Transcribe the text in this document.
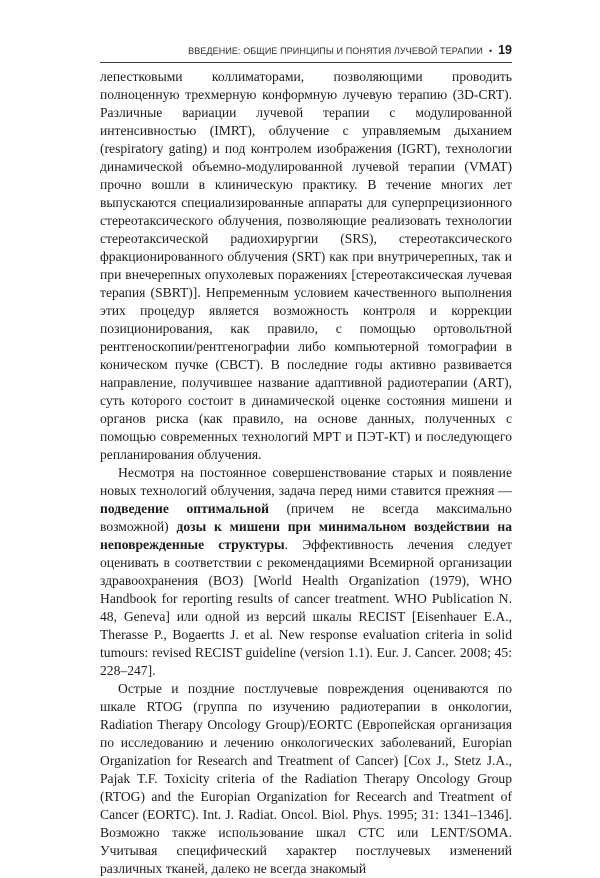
ВВЕДЕНИЕ: ОБЩИЕ ПРИНЦИПЫ И ПОНЯТИЯ ЛУЧЕВОЙ ТЕРАПИИ • 19

лепестковыми коллиматорами, позволяющими проводить полноценную трехмерную конформную лучевую терапию (3D-CRT). Различные вариации лучевой терапии с модулированной интенсивностью (IMRT), облучение с управляемым дыханием (respiratory gating) и под контролем изображения (IGRT), технологии динамической объемно-модулированной лучевой терапии (VMAT) прочно вошли в клиническую практику. В течение многих лет выпускаются специализированные аппараты для суперпрецизионного стереотаксического облучения, позволяющие реализовать технологии стереотаксической радиохирургии (SRS), стереотаксического фракционированного облучения (SRT) как при внутричерепных, так и при внечерепных опухолевых поражениях [стереотаксическая лучевая терапия (SBRT)]. Непременным условием качественного выполнения этих процедур является возможность контроля и коррекции позиционирования, как правило, с помощью ортовольтной рентгеноскопии/рентгенографии либо компьютерной томографии в коническом пучке (CBCT). В последние годы активно развивается направление, получившее название адаптивной радиотерапии (ART), суть которого состоит в динамической оценке состояния мишени и органов риска (как правило, на основе данных, полученных с помощью современных технологий МРТ и ПЭТ-КТ) и последующего репланирования облучения.

Несмотря на постоянное совершенствование старых и появление новых технологий облучения, задача перед ними ставится прежняя — подведение оптимальной (причем не всегда максимально возможной) дозы к мишени при минимальном воздействии на неповрежденные структуры. Эффективность лечения следует оценивать в соответствии с рекомендациями Всемирной организации здравоохранения (ВОЗ) [World Health Organization (1979), WHO Handbook for reporting results of cancer treatment. WHO Publication N. 48, Geneva] или одной из версий шкалы RECIST [Eisenhauer E.A., Therasse P., Bogaertts J. et al. New response evaluation criteria in solid tumours: revised RECIST guideline (version 1.1). Eur. J. Cancer. 2008; 45: 228–247].

Острые и поздние постлучевые повреждения оцениваются по шкале RTOG (группа по изучению радиотерапии в онкологии, Radiation Therapy Oncology Group)/EORTC (Европейская организация по исследованию и лечению онкологических заболеваний, Europian Organization for Research and Treatment of Cancer) [Cox J., Stetz J.A., Pajak T.F. Toxicity criteria of the Radiation Therapy Oncology Group (RTOG) and the Europian Organization for Recearch and Treatment of Cancer (EORTC). Int. J. Radiat. Oncol. Biol. Phys. 1995; 31: 1341–1346]. Возможно также использование шкал CTC или LENT/SOMA. Учитывая специфический характер постлучевых изменений различных тканей, далеко не всегда знакомый
